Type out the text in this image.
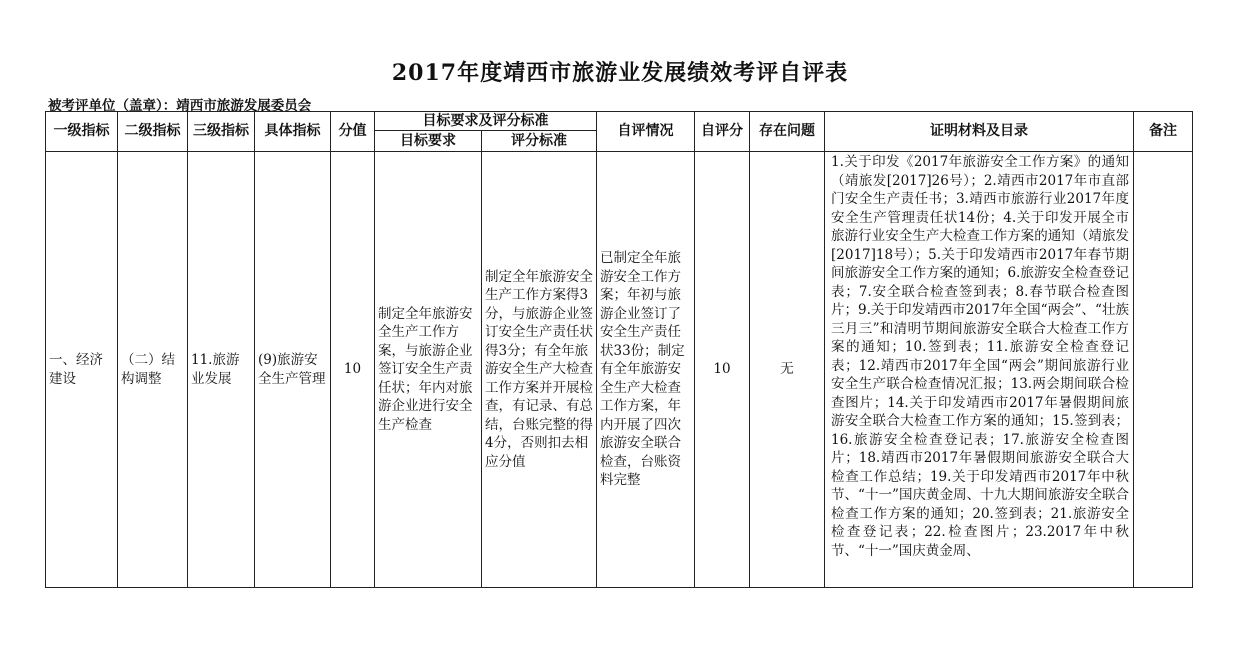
2017年度靖西市旅游业发展绩效考评自评表
被考评单位（盖章）：靖西市旅游发展委员会
一级指标	二级指标	三级指标	具体指标	分值	目标要求及评分标准		自评情况	自评分	存在问题	证明材料及目录	备注
					目标要求	评分标准					
一、经济建设	（二）结构调整	11.旅游业发展	(9)旅游安全生产管理	10	制定全年旅游安全生产工作方案，与旅游企业签订安全生产责任状；年内对旅游企业进行安全生产检查	制定全年旅游安全生产工作方案得3分，与旅游企业签订安全生产责任状得3分；有全年旅游安全生产大检查工作方案并开展检查，有记录、有总结，台账完整的得4分，否则扣去相应分值	已制定全年旅游安全工作方案；年初与旅游企业签订了安全生产责任状33份；制定有全年旅游安全生产大检查工作方案，年内开展了四次旅游安全联合检查，台账资料完整	10	无	1.关于印发《2017年旅游安全工作方案》的通知（靖旅发[2017]26号）；2.靖西市2017年市直部门安全生产责任书；3.靖西市旅游行业2017年度安全生产管理责任状14份；4.关于印发开展全市旅游行业安全生产大检查工作方案的通知（靖旅发[2017]18号）；5.关于印发靖西市2017年春节期间旅游安全工作方案的通知；6.旅游安全检查登记表；7.安全联合检查签到表；8.春节联合检查图片；9.关于印发靖西市2017年全国“两会”、“壮族三月三”和清明节期间旅游安全联合大检查工作方案的通知；10.签到表；11.旅游安全检查登记表；12.靖西市2017年全国“两会”期间旅游行业安全生产联合检查情况汇报；13.两会期间联合检查图片；14.关于印发靖西市2017年暑假期间旅游安全联合大检查工作方案的通知；15.签到表；16.旅游安全检查登记表；17.旅游安全检查图片；18.靖西市2017年暑假期间旅游安全联合大检查工作总结；19.关于印发靖西市2017年中秋节、“十一”国庆黄金周、十九大期间旅游安全联合检查工作方案的通知；20.签到表；21.旅游安全检查登记表；22.检查图片；23.2017年中秋节、“十一”国庆黄金周、	
